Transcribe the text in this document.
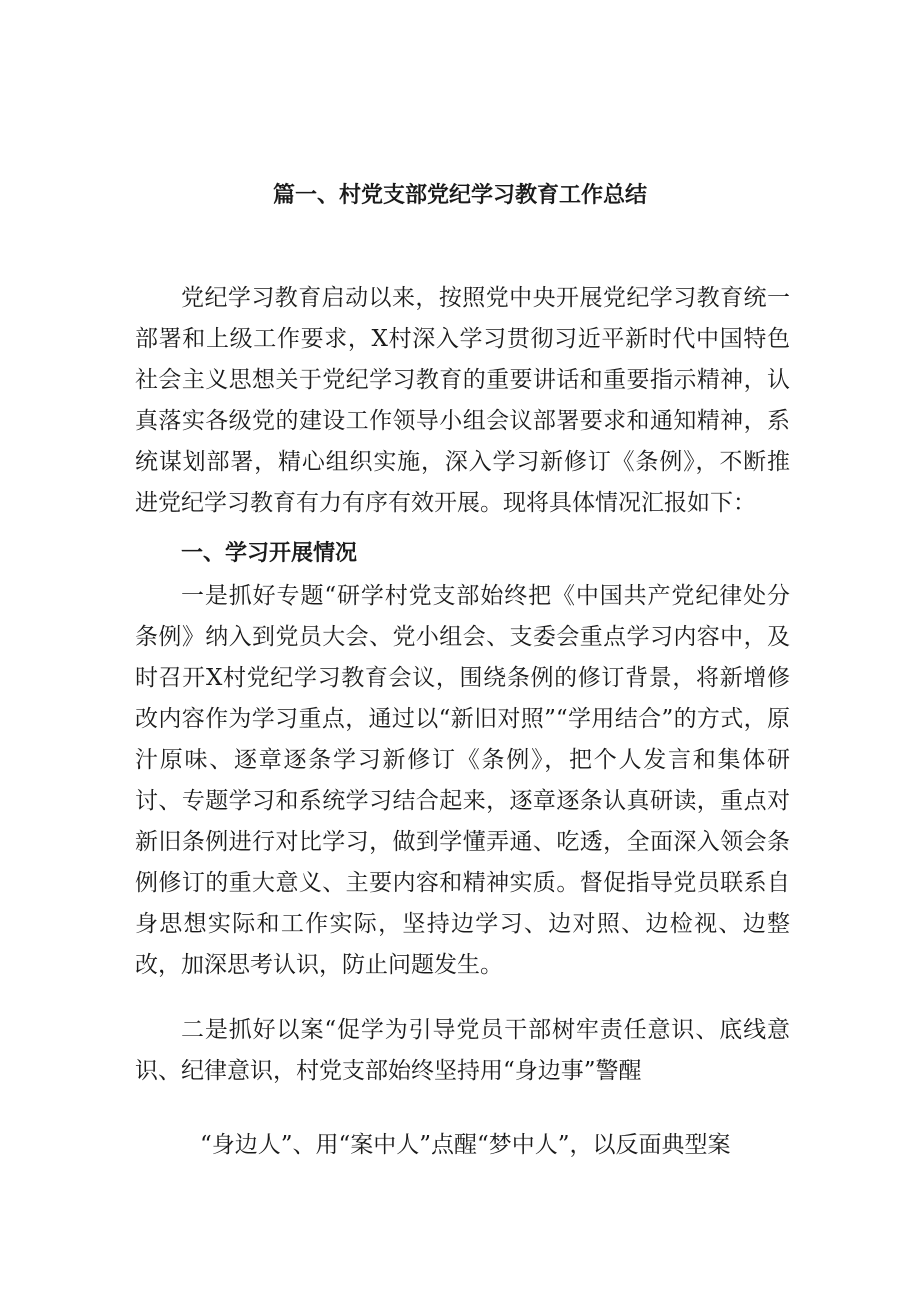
篇一、村党支部党纪学习教育工作总结

党纪学习教育启动以来，按照党中央开展党纪学习教育统一部署和上级工作要求，X村深入学习贯彻习近平新时代中国特色社会主义思想关于党纪学习教育的重要讲话和重要指示精神，认真落实各级党的建设工作领导小组会议部署要求和通知精神，系统谋划部署，精心组织实施，深入学习新修订《条例》，不断推进党纪学习教育有力有序有效开展。现将具体情况汇报如下：

一、学习开展情况

一是抓好专题“研学村党支部始终把《中国共产党纪律处分条例》纳入到党员大会、党小组会、支委会重点学习内容中，及时召开X村党纪学习教育会议，围绕条例的修订背景，将新增修改内容作为学习重点，通过以“新旧对照”“学用结合”的方式，原汁原味、逐章逐条学习新修订《条例》，把个人发言和集体研讨、专题学习和系统学习结合起来，逐章逐条认真研读，重点对新旧条例进行对比学习，做到学懂弄通、吃透，全面深入领会条例修订的重大意义、主要内容和精神实质。督促指导党员联系自身思想实际和工作实际，坚持边学习、边对照、边检视、边整改，加深思考认识，防止问题发生。

二是抓好以案“促学为引导党员干部树牢责任意识、底线意识、纪律意识，村党支部始终坚持用“身边事”警醒

“身边人”、用“案中人”点醒“梦中人”，以反面典型案
